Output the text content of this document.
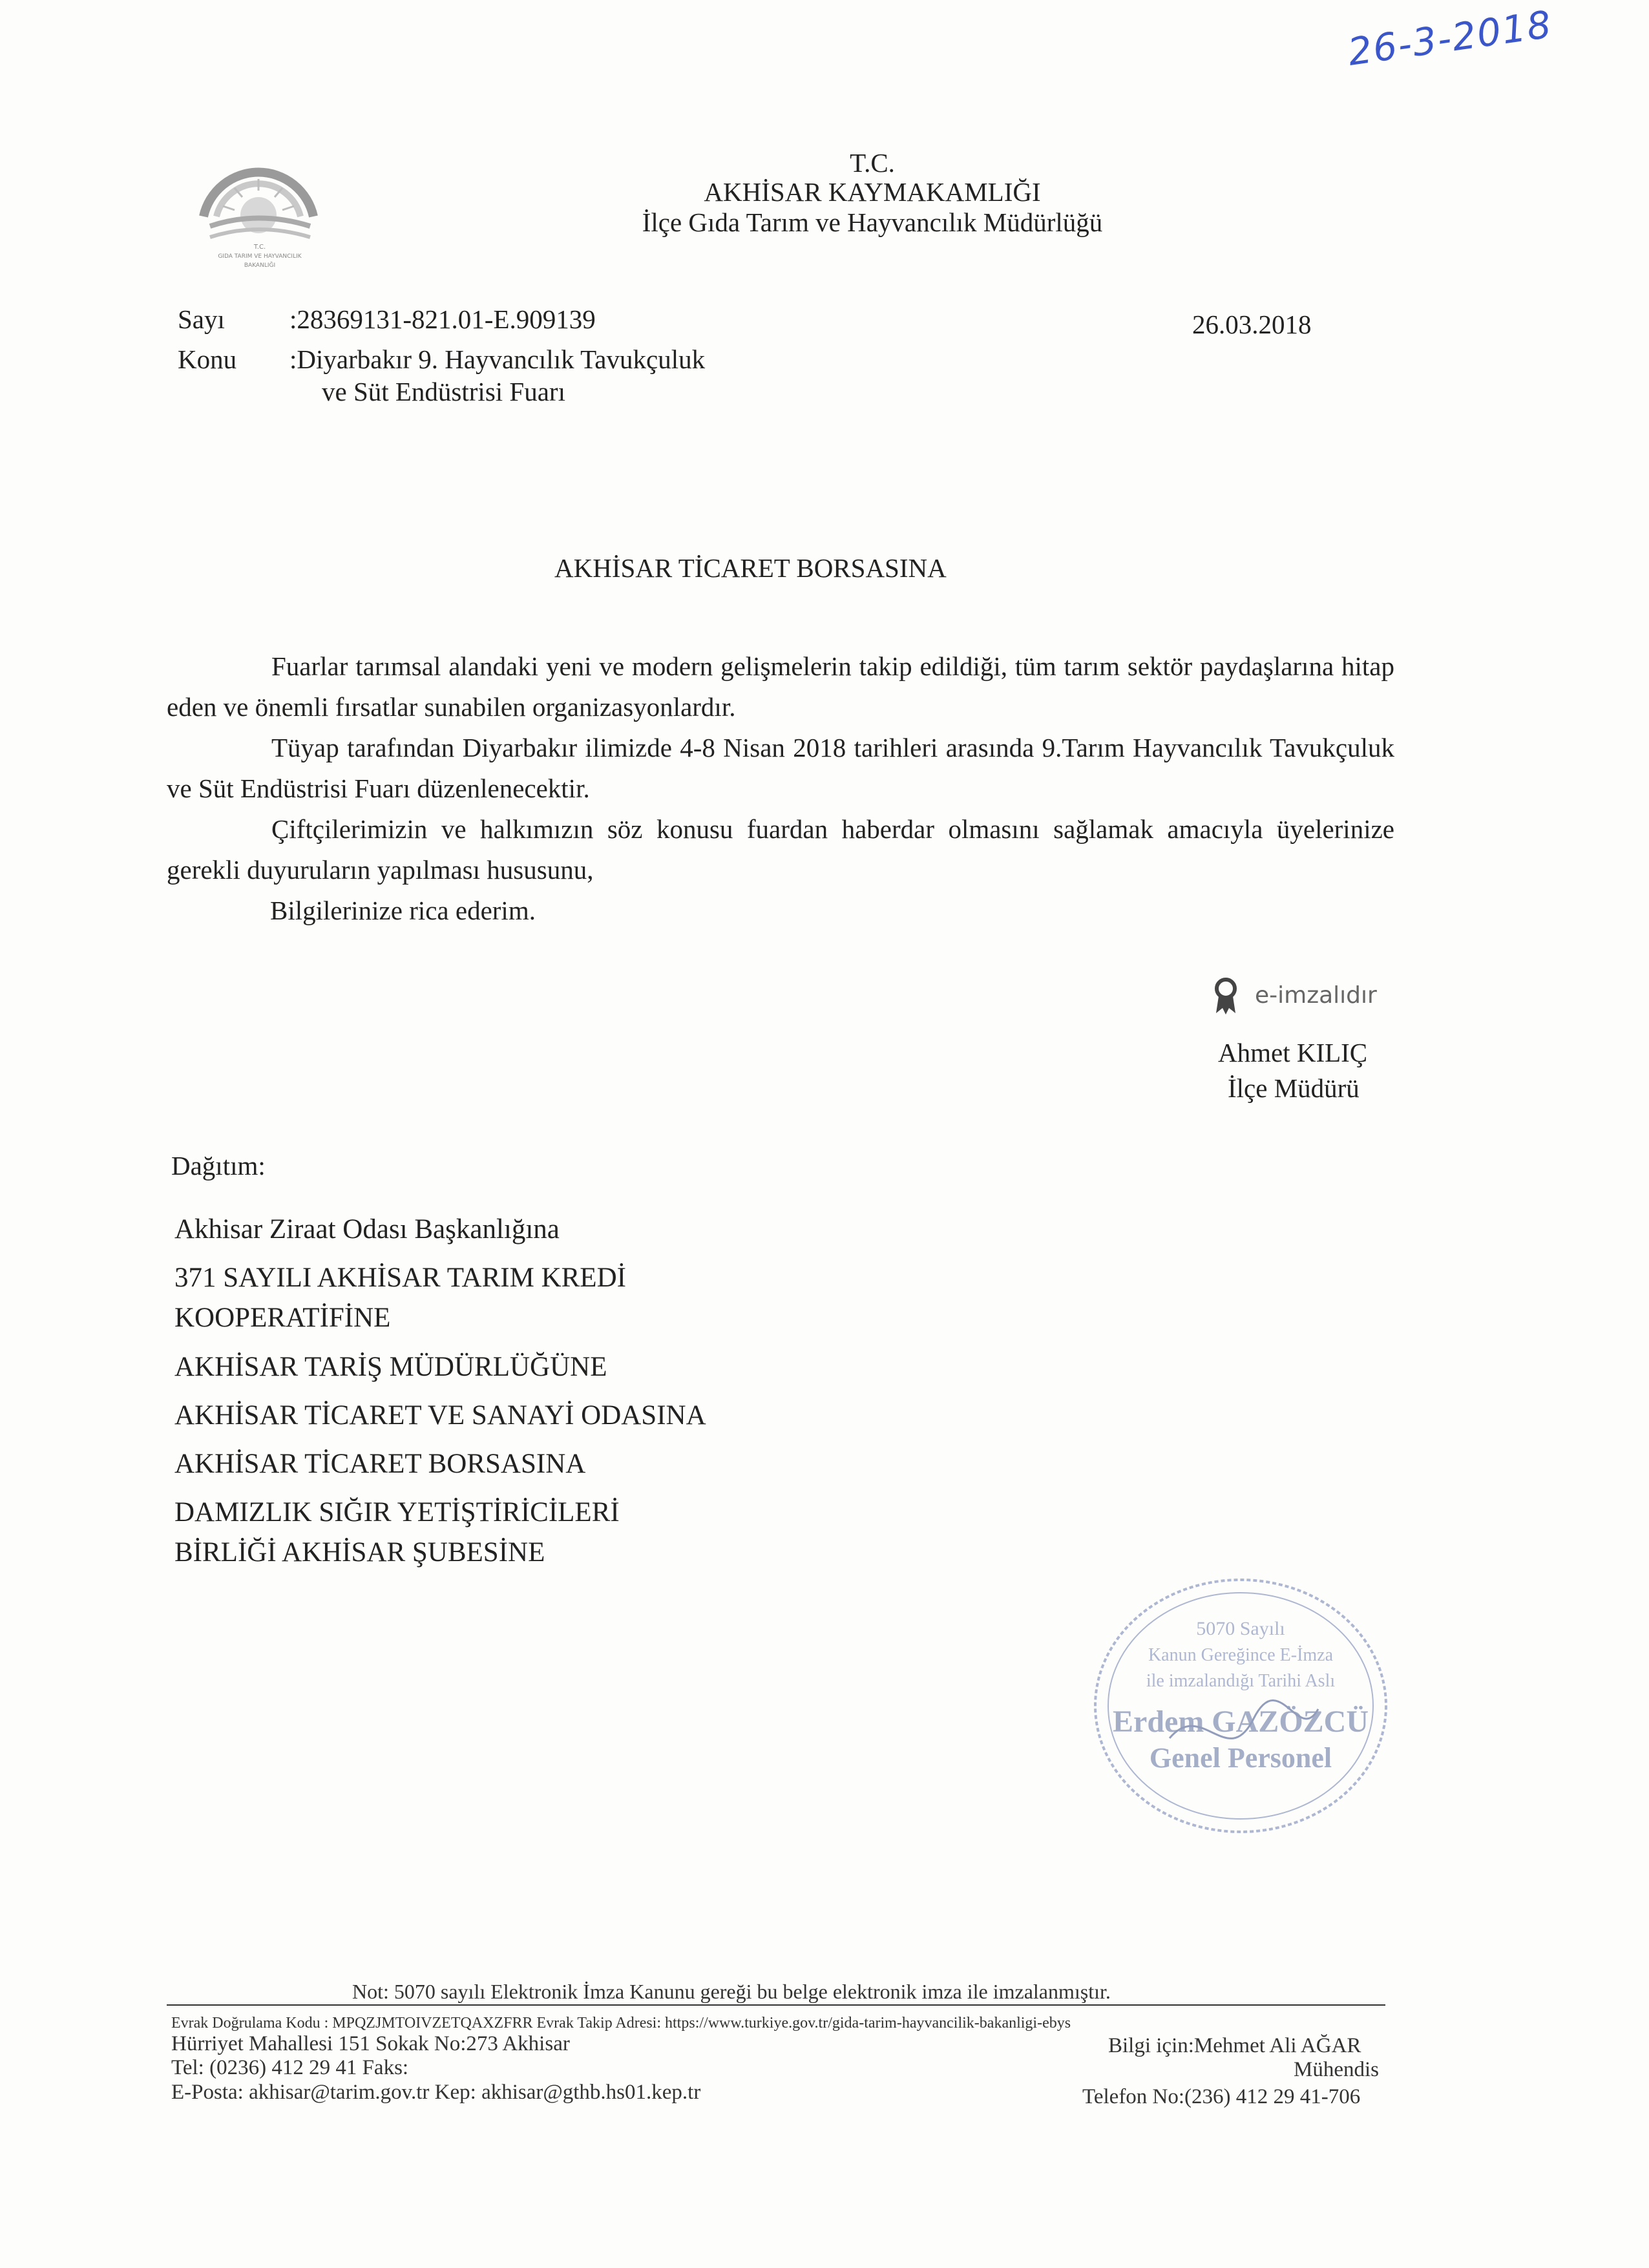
26-3-2018
T.C.
GIDA TARIM VE HAYVANCILIK
BAKANLIĞI
T.C.
AKHİSAR KAYMAKAMLIĞI
İlçe Gıda Tarım ve Hayvancılık Müdürlüğü
Sayı :28369131-821.01-E.909139	26.03.2018
Konu :Diyarbakır 9. Hayvancılık Tavukçuluk
ve Süt Endüstrisi Fuarı
AKHİSAR TİCARET BORSASINA

Fuarlar tarımsal alandaki yeni ve modern gelişmelerin takip edildiği, tüm tarım sektör paydaşlarına hitap eden ve önemli fırsatlar sunabilen organizasyonlardır.

Tüyap tarafından Diyarbakır ilimizde 4-8 Nisan 2018 tarihleri arasında 9.Tarım Hayvancılık Tavukçuluk ve Süt Endüstrisi Fuarı düzenlenecektir.

Çiftçilerimizin ve halkımızın söz konusu fuardan haberdar olmasını sağlamak amacıyla üyelerinize gerekli duyuruların yapılması hususunu,

Bilgilerinize rica ederim.

e-imzalıdır
Ahmet KILIÇ
İlçe Müdürü
Dağıtım:
Akhisar Ziraat Odası Başkanlığına
371 SAYILI AKHİSAR TARIM KREDİ
KOOPERATİFİNE
AKHİSAR TARİŞ MÜDÜRLÜĞÜNE
AKHİSAR TİCARET VE SANAYİ ODASINA
AKHİSAR TİCARET BORSASINA
DAMIZLIK SIĞIR YETİŞTİRİCİLERİ
BİRLİĞİ AKHİSAR ŞUBESİNE
5070 Sayılı
Kanun Gereğince E-İmza
ile imzalandığı Tarihi Aslı
Erdem GAZÖZCÜ
Genel Personel
Not: 5070 sayılı Elektronik İmza Kanunu gereği bu belge elektronik imza ile imzalanmıştır.
Evrak Doğrulama Kodu : MPQZJMTOIVZETQAXZFRR Evrak Takip Adresi: https://www.turkiye.gov.tr/gida-tarim-hayvancilik-bakanligi-ebys
Hürriyet Mahallesi 151 Sokak No:273 Akhisar
Tel: (0236) 412 29 41 Faks:
E-Posta: akhisar@tarim.gov.tr Kep: akhisar@gthb.hs01.kep.tr
Bilgi için:Mehmet Ali AĞAR
Mühendis
Telefon No:(236) 412 29 41-706
